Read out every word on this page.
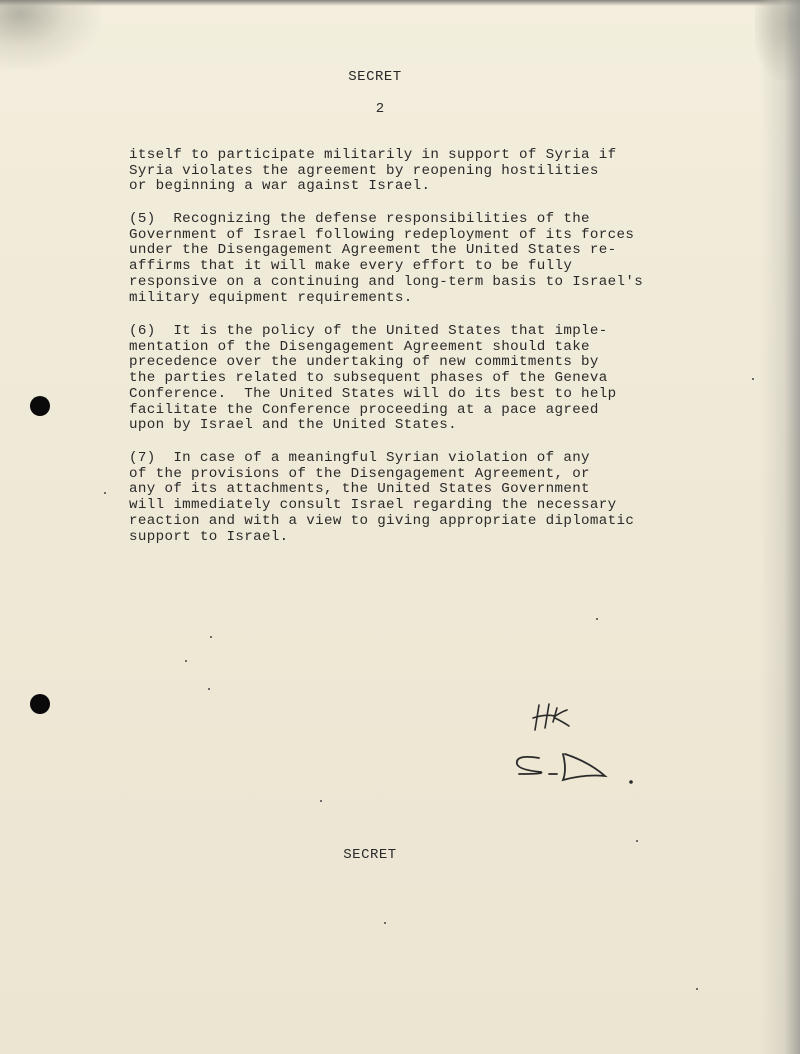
SECRET
2
itself to participate militarily in support of Syria if
Syria violates the agreement by reopening hostilities
or beginning a war against Israel.
(5)  Recognizing the defense responsibilities of the
Government of Israel following redeployment of its forces
under the Disengagement Agreement the United States re-
affirms that it will make every effort to be fully
responsive on a continuing and long-term basis to Israel's
military equipment requirements.
(6)  It is the policy of the United States that imple-
mentation of the Disengagement Agreement should take
precedence over the undertaking of new commitments by
the parties related to subsequent phases of the Geneva
Conference.  The United States will do its best to help
facilitate the Conference proceeding at a pace agreed
upon by Israel and the United States.
(7)  In case of a meaningful Syrian violation of any
of the provisions of the Disengagement Agreement, or
any of its attachments, the United States Government
will immediately consult Israel regarding the necessary
reaction and with a view to giving appropriate diplomatic
support to Israel.
SECRET
